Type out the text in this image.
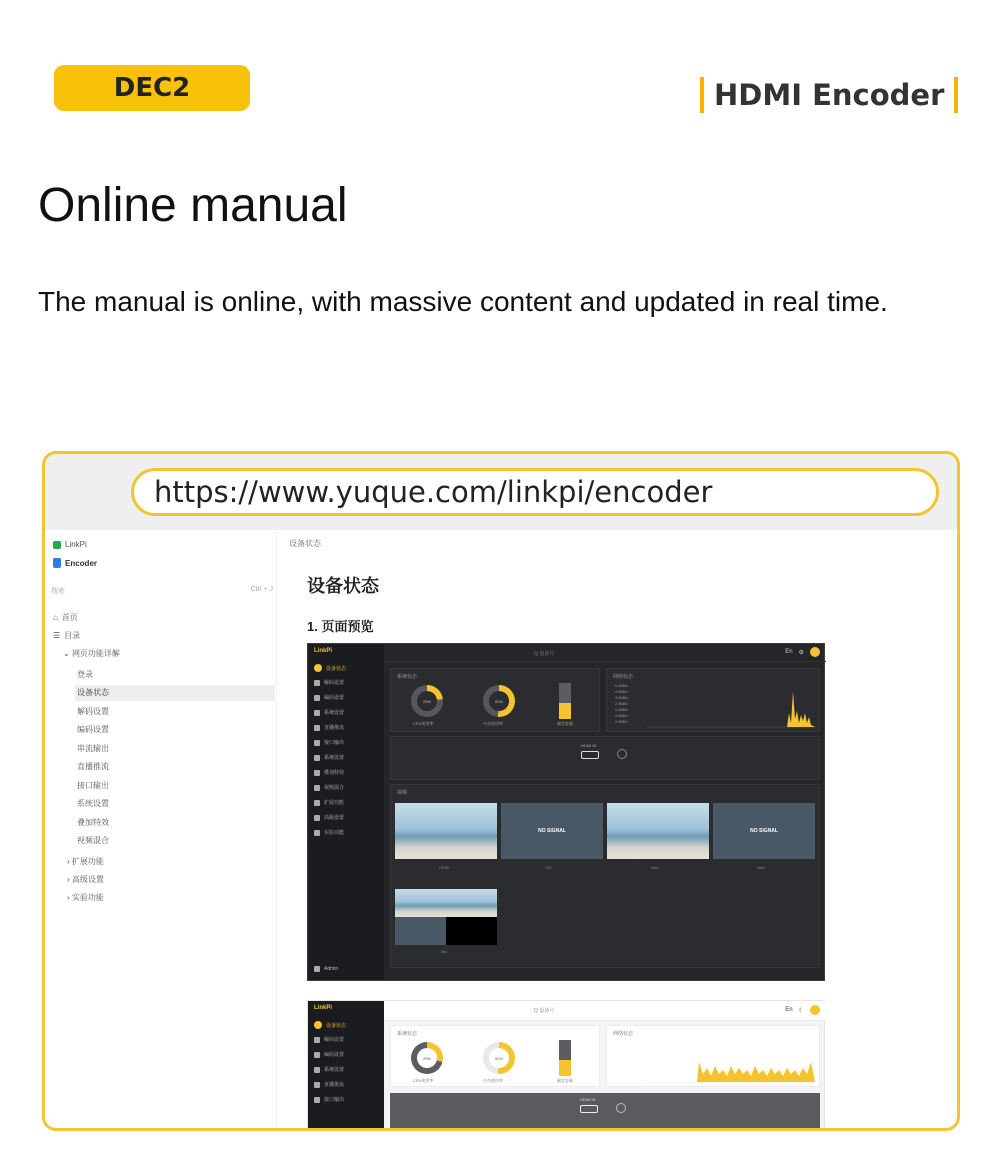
DEC2	HDMI Encoder
Online manual
The manual is online, with massive content and updated in real time.
https://www.yuque.com/linkpi/encoder
LinkPi
Encoder
搜索	Ctrl + J
⌂ 首页
☰ 目录
⌄ 网页功能详解
登录
设备状态
解码设置
编码设置
串流输出
直播推流
接口输出
系统设置
叠加特效
视频混合
› 扩展功能
› 高级设置
› 实验功能
设备状态
设备状态
1. 页面预览
LinkPi
设备状态
解码设置
编码设置
系统设置
直播推流
接口输出
系统设置
叠加特效
视频混合
扩展功能
高级设置
实验功能
Admin
Q 设备号	En ⚙
系统状态
23%
CPU使用率
51%
内存使用率	磁盘容量
网络状态
5.0MB/s
4.0MB/s
3.0MB/s
2.0MB/s
1.0MB/s
0.5MB/s
0.0MB/s
HDMI IN
视频
HDMI
NO SIGNAL
SDI	Net1
NO SIGNAL
Net2
Mix
LinkPi
设备状态
解码设置
编码设置
系统设置
直播推流
接口输出
Q 设备号	En ☾
系统状态
29%
CPU使用率
51%
内存使用率	磁盘容量
网络状态
HDMI IN
